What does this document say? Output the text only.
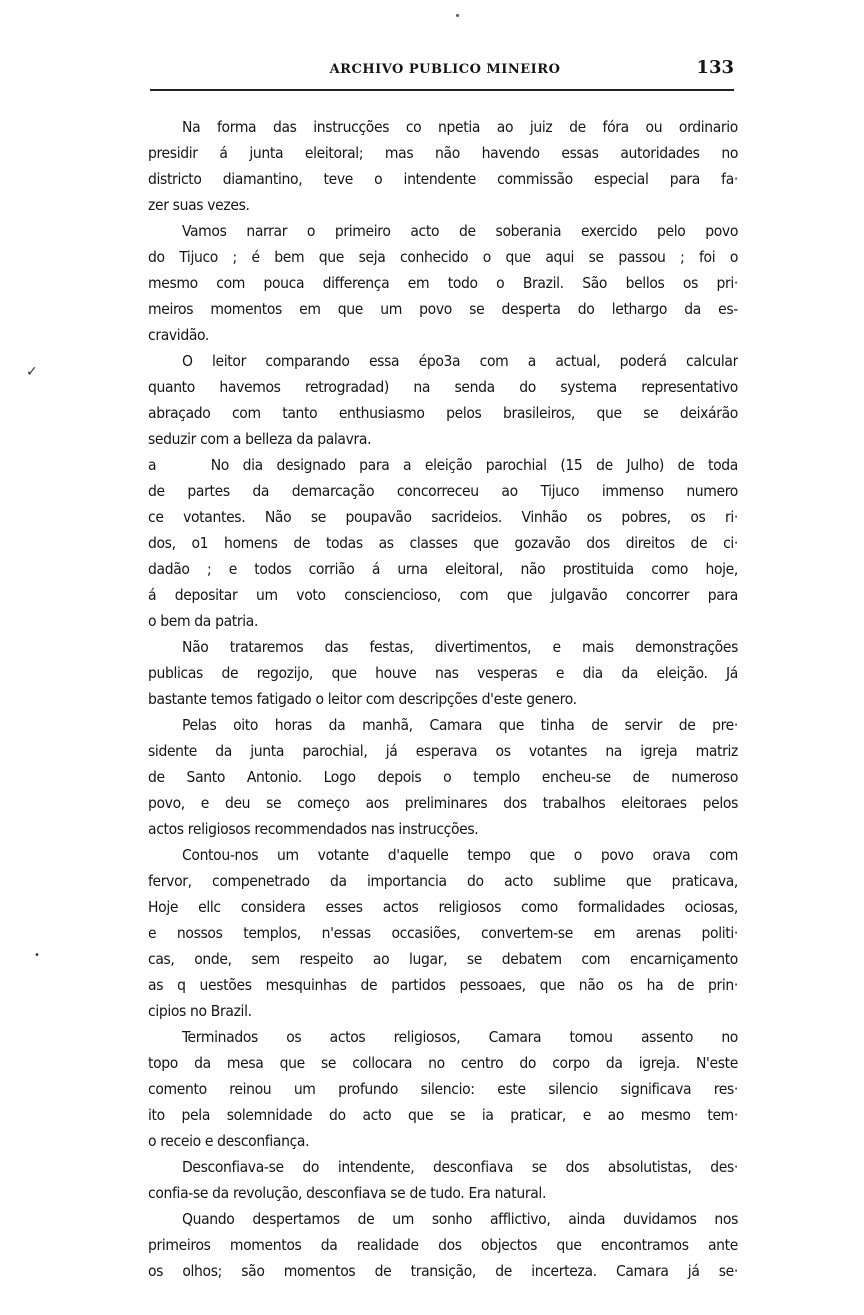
ARCHIVO PUBLICO MINEIRO	133
✓
•
Na forma das instrucções co npetia ao juiz de fóra ou ordinario
presidir á junta eleitoral; mas não havendo essas autoridades no
districto diamantino, teve o intendente commissão especial para fa·
zer suas vezes.
Vamos narrar o primeiro acto de soberania exercido pelo povo
do Tijuco ; é bem que seja conhecido o que aqui se passou ; foi o
mesmo com pouca differença em todo o Brazil. São bellos os pri·
meiros momentos em que um povo se desperta do lethargo da es-
cravidão.
O leitor comparando essa épo3a com a actual, poderá calcular
quanto havemos retrogradad) na senda do systema representativo
abraçado com tanto enthusiasmo pelos brasileiros, que se deixárão
seduzir com a belleza da palavra.
a    No dia designado para a eleição parochial (15 de Julho) de toda
de partes da demarcação concorreceu ao Tijuco immenso numero
ce votantes. Não se poupavão sacrideios. Vinhão os pobres, os ri·
dos, o1 homens de todas as classes que gozavão dos direitos de ci·
dadão ; e todos corrião á urna eleitoral, não prostituida como hoje,
á depositar um voto consciencioso, com que julgavão concorrer para
o bem da patria.
Não trataremos das festas, divertimentos, e mais demonstrações
publicas de regozijo, que houve nas vesperas e dia da eleição. Já
bastante temos fatigado o leitor com descripções d'este genero.
Pelas oito horas da manhã, Camara que tinha de servir de pre·
sidente da junta parochial, já esperava os votantes na igreja matriz
de Santo Antonio. Logo depois o templo encheu-se de numeroso
povo, e deu se começo aos preliminares dos trabalhos eleitoraes pelos
actos religiosos recommendados nas instrucções.
Contou-nos um votante d'aquelle tempo que o povo orava com
fervor, compenetrado da importancia do acto sublime que praticava,
Hoje ellc considera esses actos religiosos como formalidades ociosas,
e nossos templos, n'essas occasiões, convertem-se em arenas politi·
cas, onde, sem respeito ao lugar, se debatem com encarniçamento
as q uestões mesquinhas de partidos pessoaes, que não os ha de prin·
cipios no Brazil.
Terminados os actos religiosos, Camara tomou assento no
topo da mesa que se collocara no centro do corpo da igreja. N'este
comento reinou um profundo silencio: este silencio significava res·
ito pela solemnidade do acto que se ia praticar, e ao mesmo tem·
o receio e desconfiança.
Desconfiava-se do intendente, desconfiava se dos absolutistas, des·
confia-se da revolução, desconfiava se de tudo. Era natural.
Quando despertamos de um sonho afflictivo, ainda duvidamos nos
primeiros momentos da realidade dos objectos que encontramos ante
os olhos; são momentos de transição, de incerteza. Camara já se·
